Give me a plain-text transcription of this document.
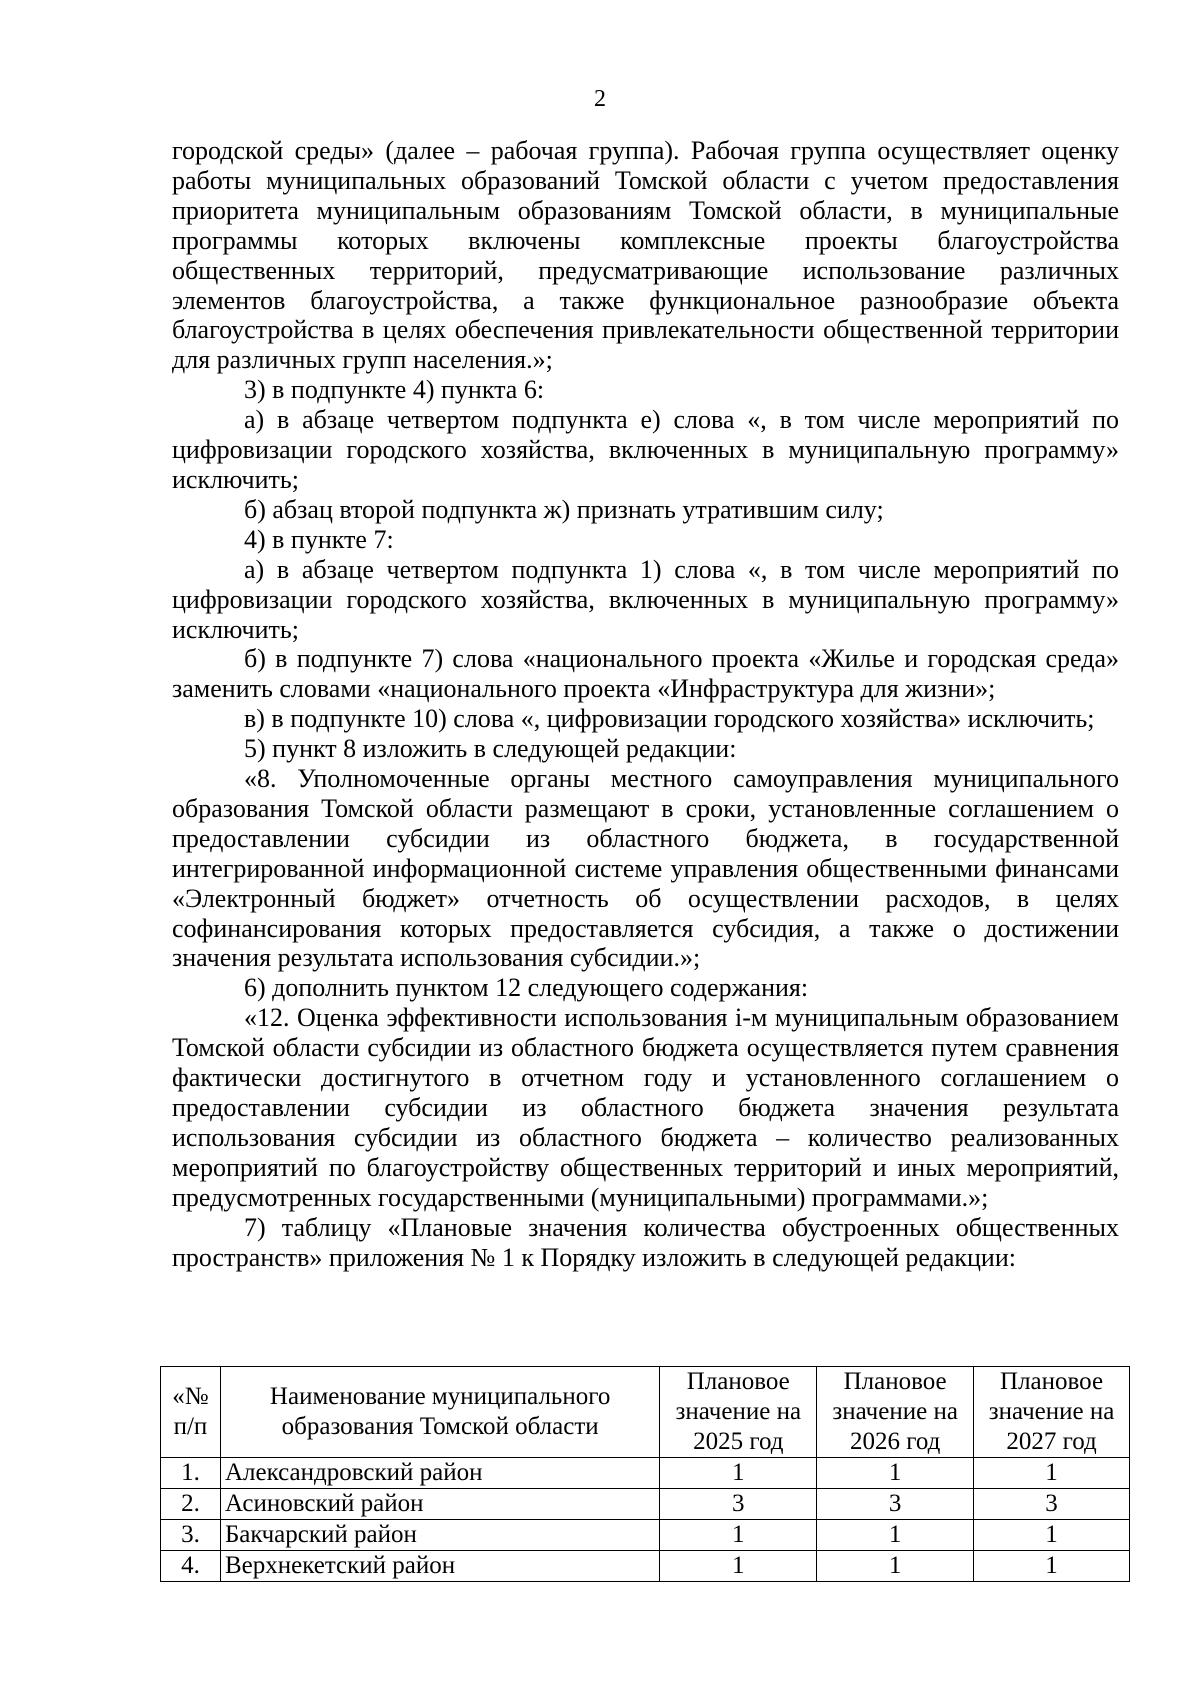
2

городской среды» (далее – рабочая группа). Рабочая группа осуществляет оценку работы муниципальных образований Томской области с учетом предоставления приоритета муниципальным образованиям Томской области, в муниципальные программы которых включены комплексные проекты благоустройства общественных территорий, предусматривающие использование различных элементов благоустройства, а также функциональное разнообразие объекта благоустройства в целях обеспечения привлекательности общественной территории для различных групп населения.»;

3) в подпункте 4) пункта 6:

а) в абзаце четвертом подпункта е) слова «, в том числе мероприятий по цифровизации городского хозяйства, включенных в муниципальную программу» исключить;

б) абзац второй подпункта ж) признать утратившим силу;

4) в пункте 7:

а) в абзаце четвертом подпункта 1) слова «, в том числе мероприятий по цифровизации городского хозяйства, включенных в муниципальную программу» исключить;

б) в подпункте 7) слова «национального проекта «Жилье и городская среда» заменить словами «национального проекта «Инфраструктура для жизни»;

в) в подпункте 10) слова «, цифровизации городского хозяйства» исключить;

5) пункт 8 изложить в следующей редакции:

«8. Уполномоченные органы местного самоуправления муниципального образования Томской области размещают в сроки, установленные соглашением о предоставлении субсидии из областного бюджета, в государственной интегрированной информационной системе управления общественными финансами «Электронный бюджет» отчетность об осуществлении расходов, в целях софинансирования которых предоставляется субсидия, а также о достижении значения результата использования субсидии.»;

6) дополнить пунктом 12 следующего содержания:

«12. Оценка эффективности использования i-м муниципальным образованием Томской области субсидии из областного бюджета осуществляется путем сравнения фактически достигнутого в отчетном году и установленного соглашением о предоставлении субсидии из областного бюджета значения результата использования субсидии из областного бюджета – количество реализованных мероприятий по благоустройству общественных территорий и иных мероприятий, предусмотренных государственными (муниципальными) программами.»;

7) таблицу «Плановые значения количества обустроенных общественных пространств» приложения № 1 к Порядку изложить в следующей редакции:

«№ п/п	Наименование муниципального образования Томской области	Плановое значение на 2025 год	Плановое значение на 2026 год	Плановое значение на 2027 год
1.	Александровский район	1	1	1
2.	Асиновский район	3	3	3
3.	Бакчарский район	1	1	1
4.	Верхнекетский район	1	1	1
